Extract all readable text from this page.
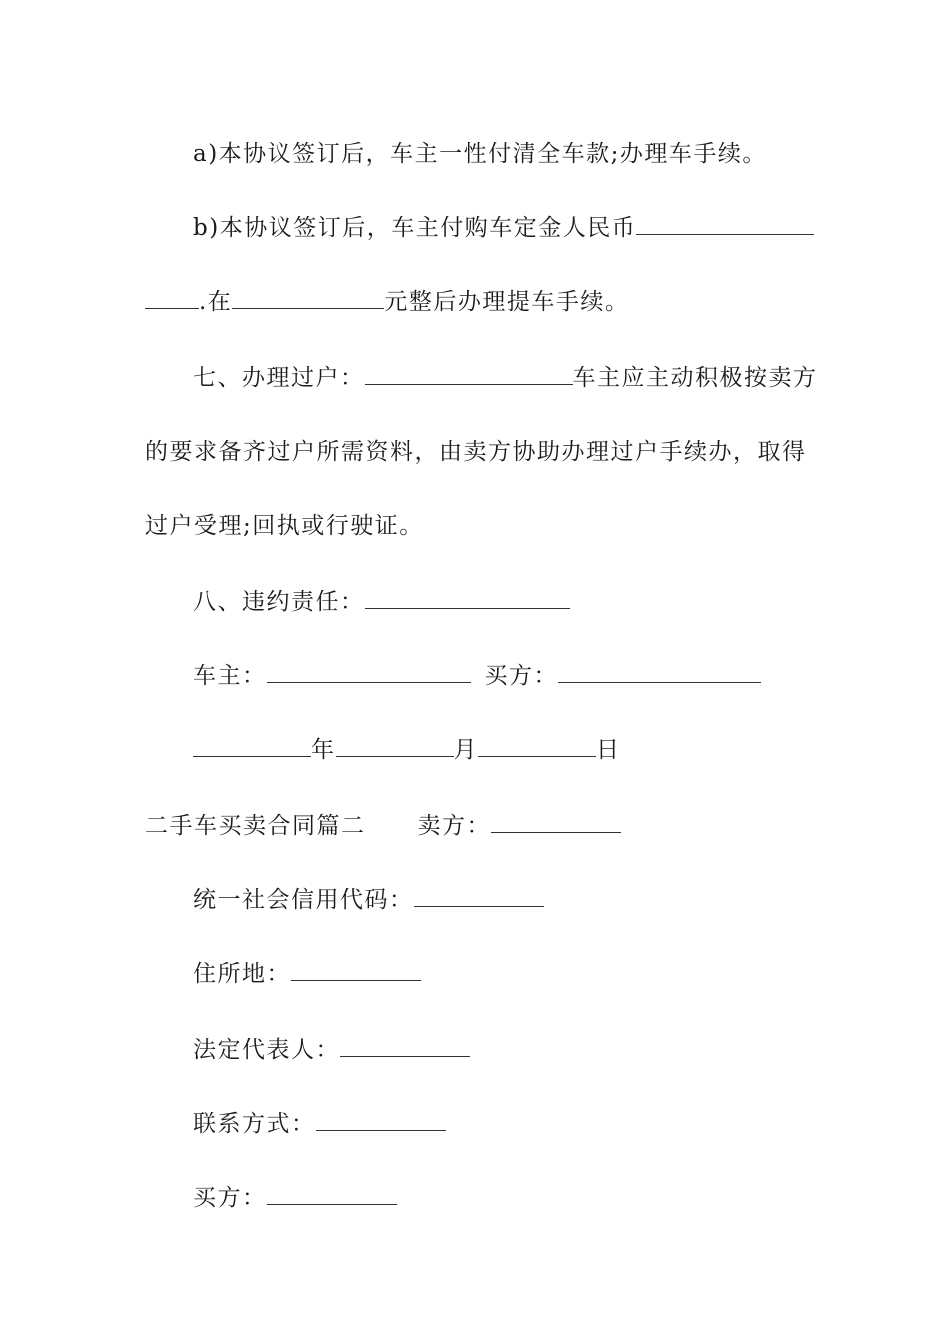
a)本协议签订后，车主一性付清全车款;办理车手续。
b)本协议签订后，车主付购车定金人民币
.在	元整后办理提车手续。
七、办理过户：	车主应主动积极按卖方
的要求备齐过户所需资料，由卖方协助办理过户手续办，取得
过户受理;回执或行驶证。
八、违约责任：
车主：	买方：
年	月	日
二手车买卖合同篇二 卖方：
统一社会信用代码：
住所地：
法定代表人：
联系方式：
买方：
